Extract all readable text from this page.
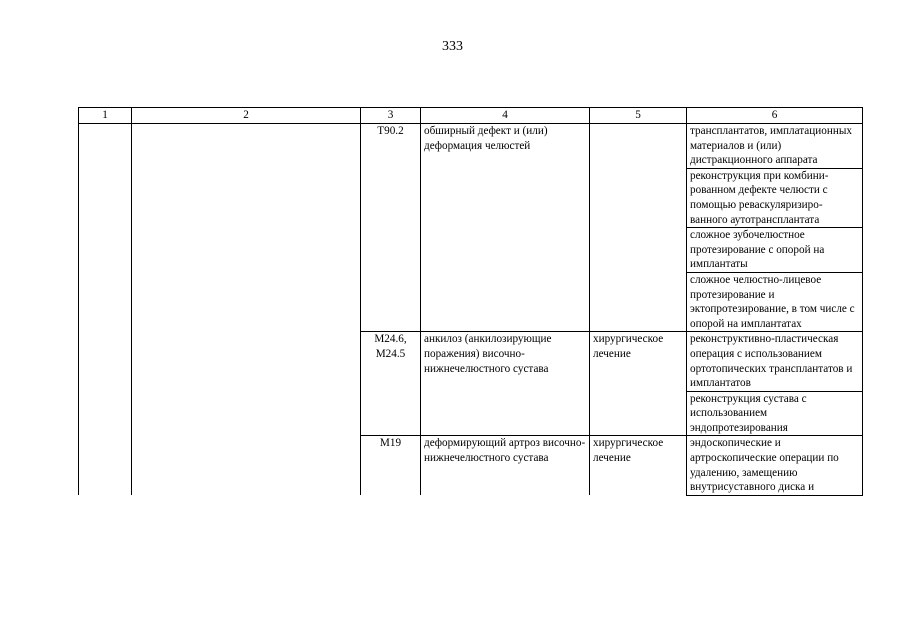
333
1	2	3	4	5	6
		T90.2	обширный дефект и (или) деформация челюстей		трансплантатов, имплатационных материалов и (или) дистракционного аппарата
					реконструкция при комбини-рованном дефекте челюсти с помощью реваскуляризиро-ванного аутотрансплантата
					сложное зубочелюстное протезирование с опорой на имплантаты
					сложное челюстно-лицевое протезирование и эктопротезирование, в том числе с опорой на имплантатах
		M24.6, M24.5	анкилоз (анкилозирующие поражения) височно-нижнечелюстного сустава	хирургическое лечение	реконструктивно-пластическая операция с использованием ортотопических трансплантатов и имплантатов
					реконструкция сустава с использованием эндопротезирования
		M19	деформирующий артроз височно-нижнечелюстного сустава	хирургическое лечение	эндоскопические и артроскопические операции по удалению, замещению внутрисуставного диска и
